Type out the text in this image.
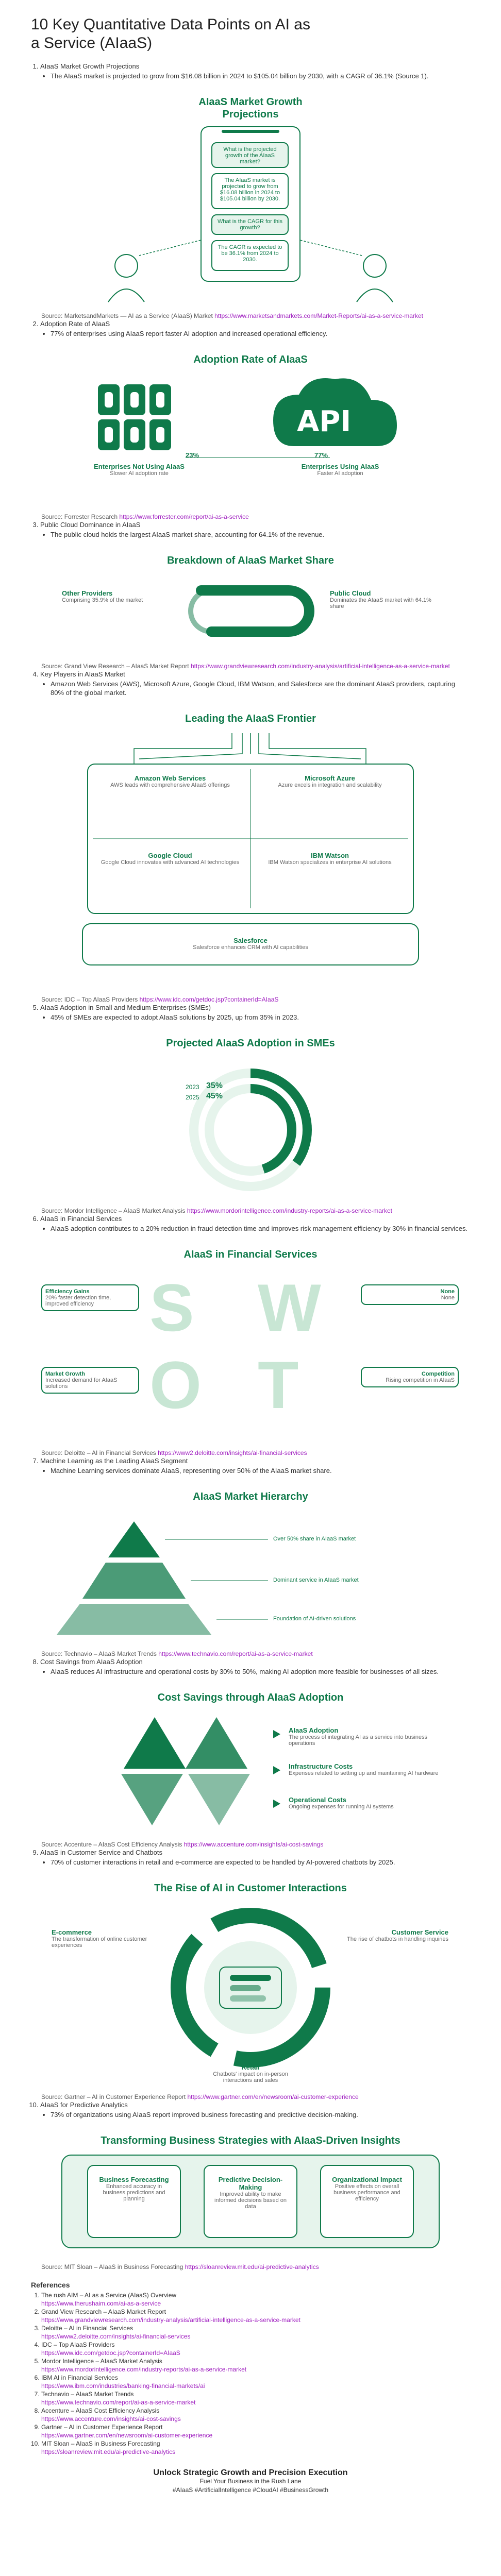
10 Key Quantitative Data Points on AI as a Service (AIaaS)
1. AIaaS Market Growth Projections
• The AIaaS market is projected to grow from $16.08 billion in 2024 to $105.04 billion by 2030, with a CAGR of 36.1% (Source 1).
AIaaS Market Growth
Projections
What is the projected growth of the AIaaS market?
The AIaaS market is projected to grow from $16.08 billion in 2024 to $105.04 billion by 2030.
What is the CAGR for this growth?
The CAGR is expected to be 36.1% from 2024 to 2030.

Source: MarketsandMarkets — AI as a Service (AIaaS) Market https://www.marketsandmarkets.com/Market-Reports/ai-as-a-service-market

2. Adoption Rate of AIaaS
• 77% of enterprises using AIaaS report faster AI adoption and increased operational efficiency.
Adoption Rate of AIaaS
API
23%	77%
Enterprises Not Using AIaaS
Slower AI adoption rate
Enterprises Using AIaaS
Faster AI adoption

Source: Forrester Research https://www.forrester.com/report/ai-as-a-service

3. Public Cloud Dominance in AIaaS
• The public cloud holds the largest AIaaS market share, accounting for 64.1% of the revenue.
Breakdown of AIaaS Market Share
Other Providers
Comprising 35.9% of the market
Public Cloud
Dominates the AIaaS market with 64.1% share

Source: Grand View Research – AIaaS Market Report https://www.grandviewresearch.com/industry-analysis/artificial-intelligence-as-a-service-market

4. Key Players in AIaaS Market
• Amazon Web Services (AWS), Microsoft Azure, Google Cloud, IBM Watson, and Salesforce are the dominant AIaaS providers, capturing 80% of the global market.
Leading the AIaaS Frontier
Amazon Web Services
AWS leads with comprehensive AIaaS offerings
Microsoft Azure
Azure excels in integration and scalability
Google Cloud
Google Cloud innovates with advanced AI technologies
IBM Watson
IBM Watson specializes in enterprise AI solutions
Salesforce
Salesforce enhances CRM with AI capabilities

Source: IDC – Top AIaaS Providers https://www.idc.com/getdoc.jsp?containerId=AIaaS

5. AIaaS Adoption in Small and Medium Enterprises (SMEs)
• 45% of SMEs are expected to adopt AIaaS solutions by 2025, up from 35% in 2023.
Projected AIaaS Adoption in SMEs
2023 35%
2025 45%

Source: Mordor Intelligence – AIaaS Market Analysis https://www.mordorintelligence.com/industry-reports/ai-as-a-service-market

6. AIaaS in Financial Services
• AIaaS adoption contributes to a 20% reduction in fraud detection time and improves risk management efficiency by 30% in financial services.
AIaaS in Financial Services
S W
O T
Efficiency Gains
20% faster detection time, improved efficiency
None
None
Market Growth
Increased demand for AIaaS solutions
Competition
Rising competition in AIaaS

Source: Deloitte – AI in Financial Services https://www2.deloitte.com/insights/ai-financial-services

7. Machine Learning as the Leading AIaaS Segment
• Machine Learning services dominate AIaaS, representing over 50% of the AIaaS market share.
AIaaS Market Hierarchy
Over 50% share in AIaaS market
Dominant service in AIaaS market
Foundation of AI-driven solutions

Source: Technavio – AIaaS Market Trends https://www.technavio.com/report/ai-as-a-service-market

8. Cost Savings from AIaaS Adoption
• AIaaS reduces AI infrastructure and operational costs by 30% to 50%, making AI adoption more feasible for businesses of all sizes.
Cost Savings through AIaaS Adoption
AIaaS Adoption
The process of integrating AI as a service into business operations
Infrastructure Costs
Expenses related to setting up and maintaining AI hardware
Operational Costs
Ongoing expenses for running AI systems

Source: Accenture – AIaaS Cost Efficiency Analysis https://www.accenture.com/insights/ai-cost-savings

9. AIaaS in Customer Service and Chatbots
• 70% of customer interactions in retail and e-commerce are expected to be handled by AI-powered chatbots by 2025.
The Rise of AI in Customer Interactions
E-commerce
The transformation of online customer experiences
Customer Service
The rise of chatbots in handling inquiries
Retail
Chatbots' impact on in-person interactions and sales

Source: Gartner – AI in Customer Experience Report https://www.gartner.com/en/newsroom/ai-customer-experience

10. AIaaS for Predictive Analytics
• 73% of organizations using AIaaS report improved business forecasting and predictive decision-making.
Transforming Business Strategies with AIaaS-Driven Insights
Business Forecasting
Enhanced accuracy in business predictions and planning
Predictive Decision-Making
Improved ability to make informed decisions based on data
Organizational Impact
Positive effects on overall business performance and efficiency

Source: MIT Sloan – AIaaS in Business Forecasting https://sloanreview.mit.edu/ai-predictive-analytics

References
1. The rush AIM – AI as a Service (AIaaS) Overview
https://www.therushaim.com/ai-as-a-service
2. Grand View Research – AIaaS Market Report
https://www.grandviewresearch.com/industry-analysis/artificial-intelligence-as-a-service-market
3. Deloitte – AI in Financial Services
https://www2.deloitte.com/insights/ai-financial-services
4. IDC – Top AIaaS Providers
https://www.idc.com/getdoc.jsp?containerId=AIaaS
5. Mordor Intelligence – AIaaS Market Analysis
https://www.mordorintelligence.com/industry-reports/ai-as-a-service-market
6. IBM AI in Financial Services
https://www.ibm.com/industries/banking-financial-markets/ai
7. Technavio – AIaaS Market Trends
https://www.technavio.com/report/ai-as-a-service-market
8. Accenture – AIaaS Cost Efficiency Analysis
https://www.accenture.com/insights/ai-cost-savings
9. Gartner – AI in Customer Experience Report
https://www.gartner.com/en/newsroom/ai-customer-experience
10. MIT Sloan – AIaaS in Business Forecasting
https://sloanreview.mit.edu/ai-predictive-analytics
Unlock Strategic Growth and Precision Execution
Fuel Your Business in the Rush Lane
#AIaaS #ArtificialIntelligence #CloudAI #BusinessGrowth
